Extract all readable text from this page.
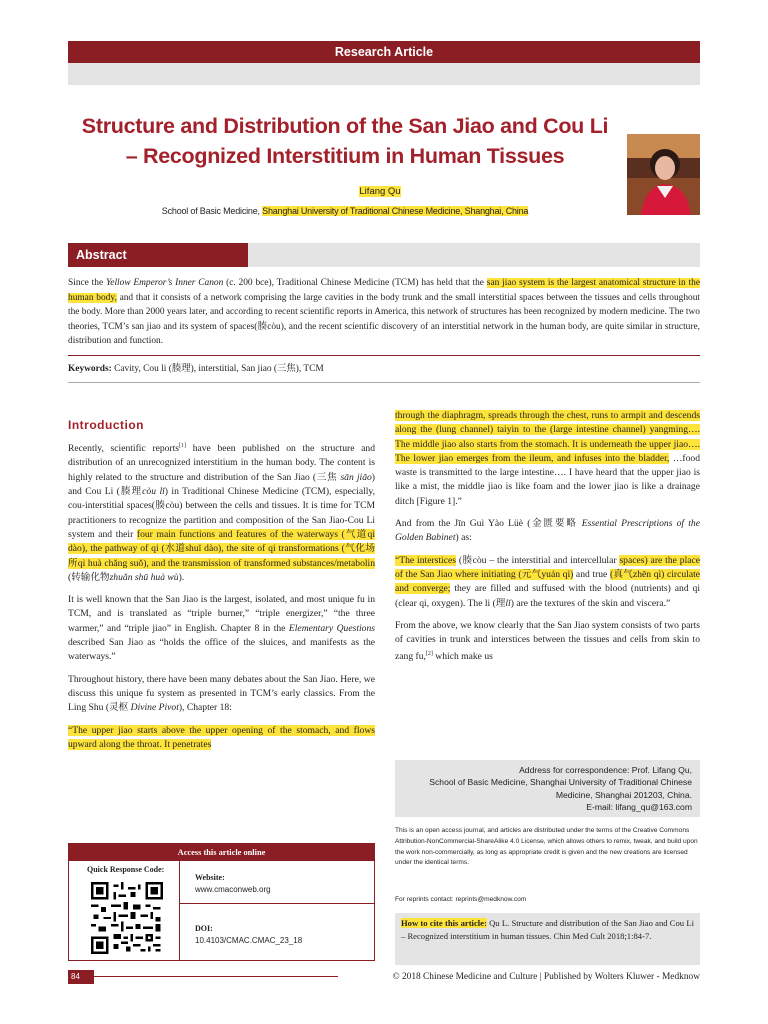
Research Article
Structure and Distribution of the San Jiao and Cou Li – Recognized Interstitium in Human Tissues
Lifang Qu
School of Basic Medicine, Shanghai University of Traditional Chinese Medicine, Shanghai, China
Abstract

Since the Yellow Emperor’s Inner Canon (c. 200 bce), Traditional Chinese Medicine (TCM) has held that the san jiao system is the largest anatomical structure in the human body, and that it consists of a network comprising the large cavities in the body trunk and the small interstitial spaces between the tissues and cells throughout the body. More than 2000 years later, and according to recent scientific reports in America, this network of structures has been recognized by modern medicine. The two theories, TCM’s san jiao and its system of spaces(腠còu), and the recent scientific discovery of an interstitial network in the human body, are quite similar in structure, distribution and function.

Keywords: Cavity, Cou li (腠理), interstitial, San jiao (三焦), TCM
Introduction

Recently, scientific reports[1] have been published on the structure and distribution of an unrecognized interstitium in the human body. The content is highly related to the structure and distribution of the San Jiao (三焦 sān jiāo) and Cou Li (腠理còu lǐ) in Traditional Chinese Medicine (TCM), especially, cou-interstitial spaces(腠còu) between the cells and tissues. It is time for TCM practitioners to recognize the partition and composition of the San Jiao-Cou Li system and their four main functions and features of the waterways (气道qì dào), the pathway of qi (水道shuǐ dào), the site of qi transformations (气化场所qì huà chǎng suǒ), and the transmission of transformed substances/metabolin (转输化物zhuǎn shū huà wù).

It is well known that the San Jiao is the largest, isolated, and most unique fu in TCM, and is translated as “triple burner,” “triple energizer,” “the three warmer,” and “triple jiao” in English. Chapter 8 in the Elementary Questions described San Jiao as “holds the office of the sluices, and manifests as the waterways.”

Throughout history, there have been many debates about the San Jiao. Here, we discuss this unique fu system as presented in TCM’s early classics. From the Ling Shu (灵枢 Divine Pivot), Chapter 18:

“The upper jiao starts above the upper opening of the stomach, and flows upward along the throat. It penetrates

through the diaphragm, spreads through the chest, runs to armpit and descends along the (lung channel) taiyin to the (large intestine channel) yangming…. The middle jiao also starts from the stomach. It is underneath the upper jiao…. The lower jiao emerges from the ileum, and infuses into the bladder, …food waste is transmitted to the large intestine…. I have heard that the upper jiao is like a mist, the middle jiao is like foam and the lower jiao is like a drainage ditch [Figure 1].”

And from the Jīn Guì Yào Lüè (金匮要略 Essential Prescriptions of the Golden Babinet) as:

“The interstices (腠còu – the interstitial and intercellular spaces) are the place of the San Jiao where initiating (元气yuán qì) and true (真气zhēn qì) circulate and converge; they are filled and suffused with the blood (nutrients) and qi (clear qi, oxygen). The li (理lǐ) are the textures of the skin and viscera.”

From the above, we know clearly that the San Jiao system consists of two parts of cavities in trunk and interstices between the tissues and cells from skin to zang fu,[2] which make us

Address for correspondence: Prof. Lifang Qu,
School of Basic Medicine, Shanghai University of Traditional Chinese
Medicine, Shanghai 201203, China.
E-mail: lifang_qu@163.com
This is an open access journal, and articles are distributed under the terms of the Creative Commons Attribution-NonCommercial-ShareAlike 4.0 License, which allows others to remix, tweak, and build upon the work non-commercially, as long as appropriate credit is given and the new creations are licensed under the identical terms.
For reprints contact: reprints@medknow.com
How to cite this article: Qu L. Structure and distribution of the San Jiao and Cou Li – Recognized interstitium in human tissues. Chin Med Cult 2018;1:84-7.
Access this article online
Quick Response Code:
Website:
www.cmaconweb.org
DOI:
10.4103/CMAC.CMAC_23_18
84	© 2018 Chinese Medicine and Culture | Published by Wolters Kluwer - Medknow
